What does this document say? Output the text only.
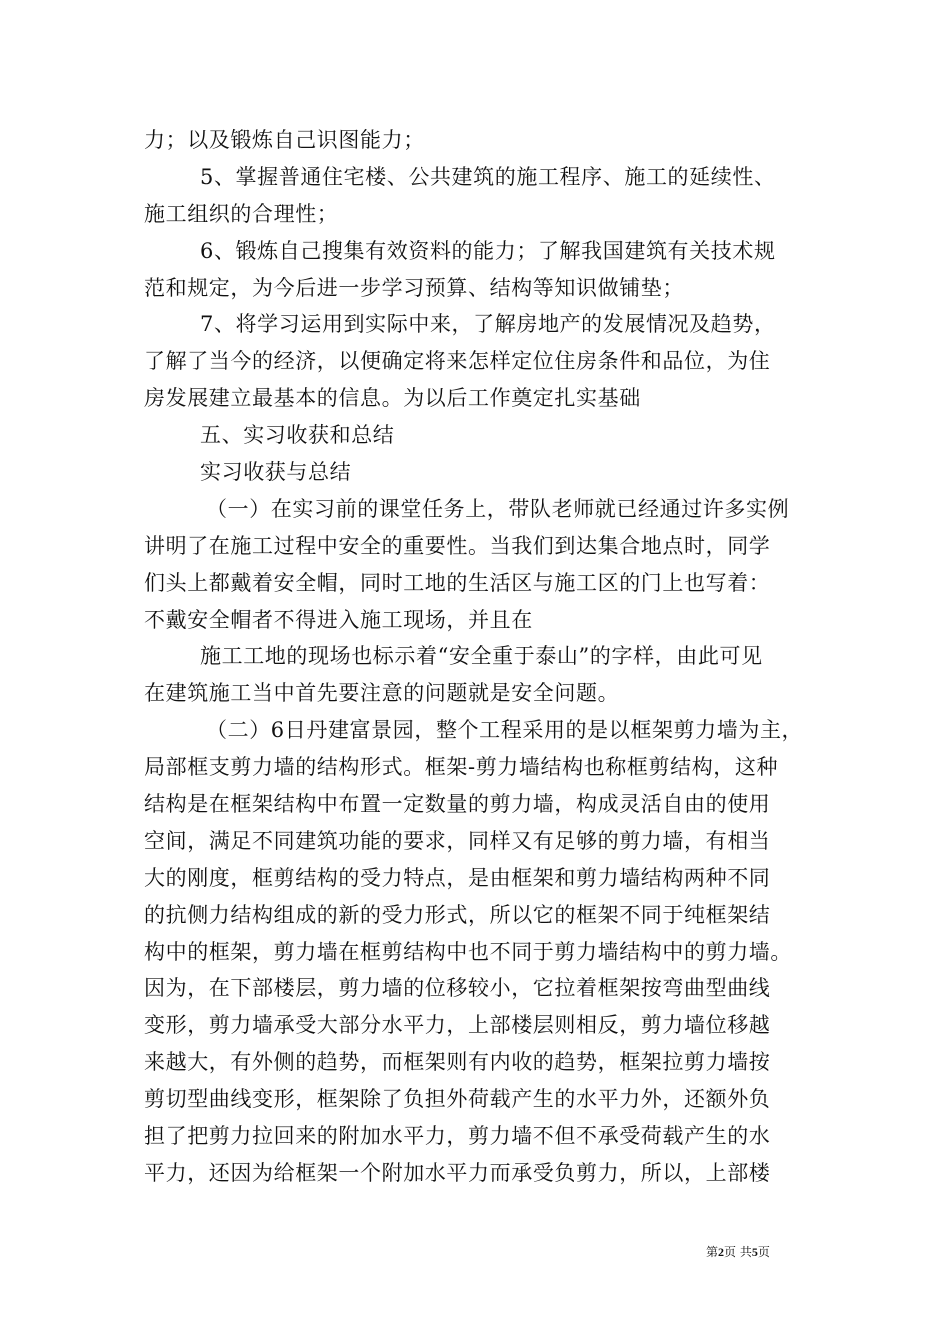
力；以及锻炼自己识图能力；
5、掌握普通住宅楼、公共建筑的施工程序、施工的延续性、
施工组织的合理性；
6、锻炼自己搜集有效资料的能力；了解我国建筑有关技术规
范和规定，为今后进一步学习预算、结构等知识做铺垫；
7、将学习运用到实际中来，了解房地产的发展情况及趋势，
了解了当今的经济，以便确定将来怎样定位住房条件和品位，为住
房发展建立最基本的信息。为以后工作奠定扎实基础
五、实习收获和总结
实习收获与总结
（一）在实习前的课堂任务上，带队老师就已经通过许多实例
讲明了在施工过程中安全的重要性。当我们到达集合地点时，同学
们头上都戴着安全帽，同时工地的生活区与施工区的门上也写着：
不戴安全帽者不得进入施工现场，并且在
施工工地的现场也标示着“安全重于泰山”的字样，由此可见
在建筑施工当中首先要注意的问题就是安全问题。
（二）6日丹建富景园，整个工程采用的是以框架剪力墙为主，
局部框支剪力墙的结构形式。框架-剪力墙结构也称框剪结构，这种
结构是在框架结构中布置一定数量的剪力墙，构成灵活自由的使用
空间，满足不同建筑功能的要求，同样又有足够的剪力墙，有相当
大的刚度，框剪结构的受力特点，是由框架和剪力墙结构两种不同
的抗侧力结构组成的新的受力形式，所以它的框架不同于纯框架结
构中的框架，剪力墙在框剪结构中也不同于剪力墙结构中的剪力墙。
因为，在下部楼层，剪力墙的位移较小，它拉着框架按弯曲型曲线
变形，剪力墙承受大部分水平力，上部楼层则相反，剪力墙位移越
来越大，有外侧的趋势，而框架则有内收的趋势，框架拉剪力墙按
剪切型曲线变形，框架除了负担外荷载产生的水平力外，还额外负
担了把剪力拉回来的附加水平力，剪力墙不但不承受荷载产生的水
平力，还因为给框架一个附加水平力而承受负剪力，所以，上部楼
第2页 共5页
